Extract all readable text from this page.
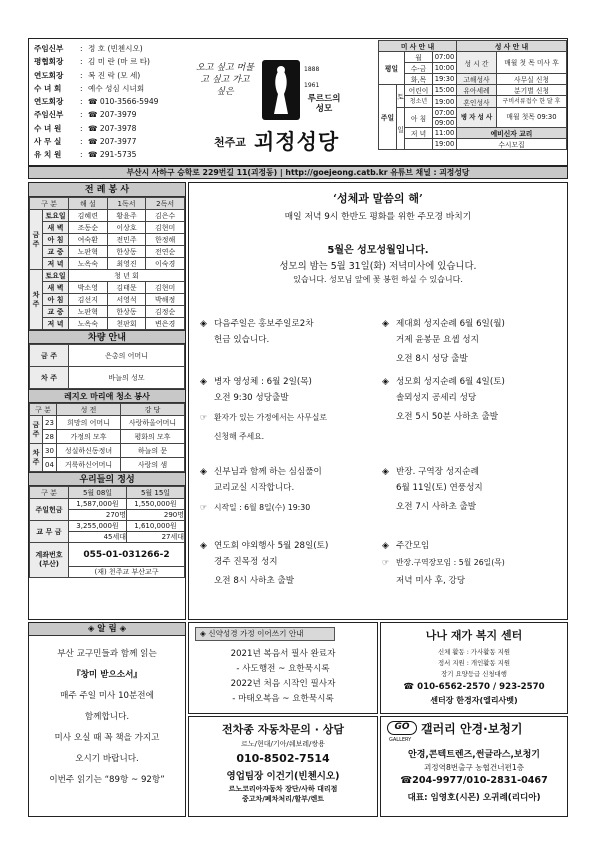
주임신부 : 정 호 (빈첸시오)
평협회장 : 김 미 란 (마 르 타)
연도회장 : 복 진 락 (모 세)
수 녀 회 : 예수 성심 시녀회
연도회장 : ☎ 010-3566-5949
주임신부 : ☎ 207-3979
수 녀 원 : ☎ 207-3978
사 무 실 : ☎ 207-3977
유 치 원 : ☎ 291-5735
오고 싶고 머물고 싶고 가고 싶은
1888
1961
루르드의 성모
천주교 괴정성당
미 사 안 내				성 사 안 내	
평일		월	07:00	성 시 간	매월 첫 목 미사 후
		수-금	10:00		
		화,목	19:30	고해성사	사무실 신청
주일	토	어린이	15:00	유아세례	분기별 신청
		청소년	19:00	혼인성사	구비서류접수 한 달 후
	일	아 침	07:00	병 자 성 사	매월 첫목 09:30
			09:00		
		저 녁	11:00	예비신자 교리	
			19:00	수시모집	
부산시 사하구 승학로 229번길 11(괴정동) | http://goejeong.catb.kr 유튜브 채널 : 괴정성당
전 례 봉 사
구 분		해 설	1독서	2독서
금 주	토요일	김혜련	황윤주	김은수
	새 벽	조동순	이상호	김현미
	아 침	여숙환	전민주	한정해
	교 중	노판혁	한상동	전연순
	저 녁	노옥숙	최영진	이숙경
차 주	토요일	청 년 회		
	새 벽	박소영	김태문	김현미
	아 침	김선지	서영석	박해정
	교 중	노판혁	한상동	김정순
	저 녁	노옥숙	천판회	변은경
차량 안내
금 주	은총의 어머니
차 주	바늘의 성모
레지오 마리애 청소 봉사
구 분		성 전	강 당
금 주	23	희망의 어머니	사랑하올어머니
	28	가정의 모후	평화의 모후
차 주	30	성실하신동정녀	하늘의 문
	04	거룩하신어머니	사랑의 샘
우리들의 정성
구 분	5월 08일	5월 15일
주일헌금	1,587,000원	1,550,000원
	270명	290명
교 무 금	3,255,000원	1,610,000원
	45세대	27세대
계좌번호 (부산)	055-01-031266-2	
	(재) 천주교 부산교구	
‘성체과 말씀의 해’
매일 저녁 9시 한반도 평화를 위한 주모경 바치기
5월은 성모성월입니다.
성모의 밤는 5월 31일(화) 저녁미사에 있습니다.
있습니다. 성모님 앞에 꽃 봉헌 하실 수 있습니다.
◈ 다음주일은 홍보주일로2차
헌금 있습니다.
◈ 병자 영성체 : 6월 2일(목)
오전 9:30 성당출발
☞ 환자가 있는 가정에서는 사무실로
신청해 주세요.
◈ 신부님과 함께 하는 심심풀이
교리교실 시작합니다.
☞ 시작일 : 6월 8일(수) 19:30
◈ 연도회 야외행사 5월 28일(토)
경주 진목정 성지
오전 8시 사하초 출발
◈ 제대회 성지순례 6월 6일(월)
거제 윤봉문 요셉 성지
오전 8시 성당 출발
◈ 성모회 성지순례 6월 4일(토)
솔뫼성지 공세리 성당
오전 5시 50분 사하초 출발
◈ 반장. 구역장 성지순례
6월 11일(토) 연풍성지
오전 7시 사하초 출발
◈ 주간모임
☞ 반장.구역장모임 : 5월 26일(목)
저녁 미사 후, 강당
◈ 알 림 ◈
부산 교구민들과 함께 읽는
『창미 받으소서』
매주 주일 미사 10분전에
함께합니다.
미사 오실 때 꼭 책을 가지고
오시기 바랍니다.
이번주 읽기는 “89항 ~ 92항”
◈ 신약성경 가정 이어쓰기 안내
2021년 복음서 필사 완료자
- 사도행전 ~ 요한묵시록
2022년 처음 시작인 필사자
- 마태오복음 ~ 요한묵시록
전차종 자동차문의 · 상담
르노/현대/기아/쉐보레/쌍용
010-8502-7514
영업팀장 이건기(빈첸시오)
르노코리아자동차 장단/사하 대리점
중고차/폐차처리/할부/렌트
나나 재가 복지 센터
신체 활동 : 가사활동 지원
정서 지원 : 개인활동 지원
장기 요양등급 신청대행
☎ 010-6562-2570 / 923-2570
센터장 한경자(엘리사벳)
GO
GALLERY
갤러리 안경·보청기
안경,콘텍트렌즈,썬글라스,보청기
괴정역8번출구 농협건너편1층
☎204-9977/010-2831-0467
대표: 임영호(시몬) 오귀례(리디아)
